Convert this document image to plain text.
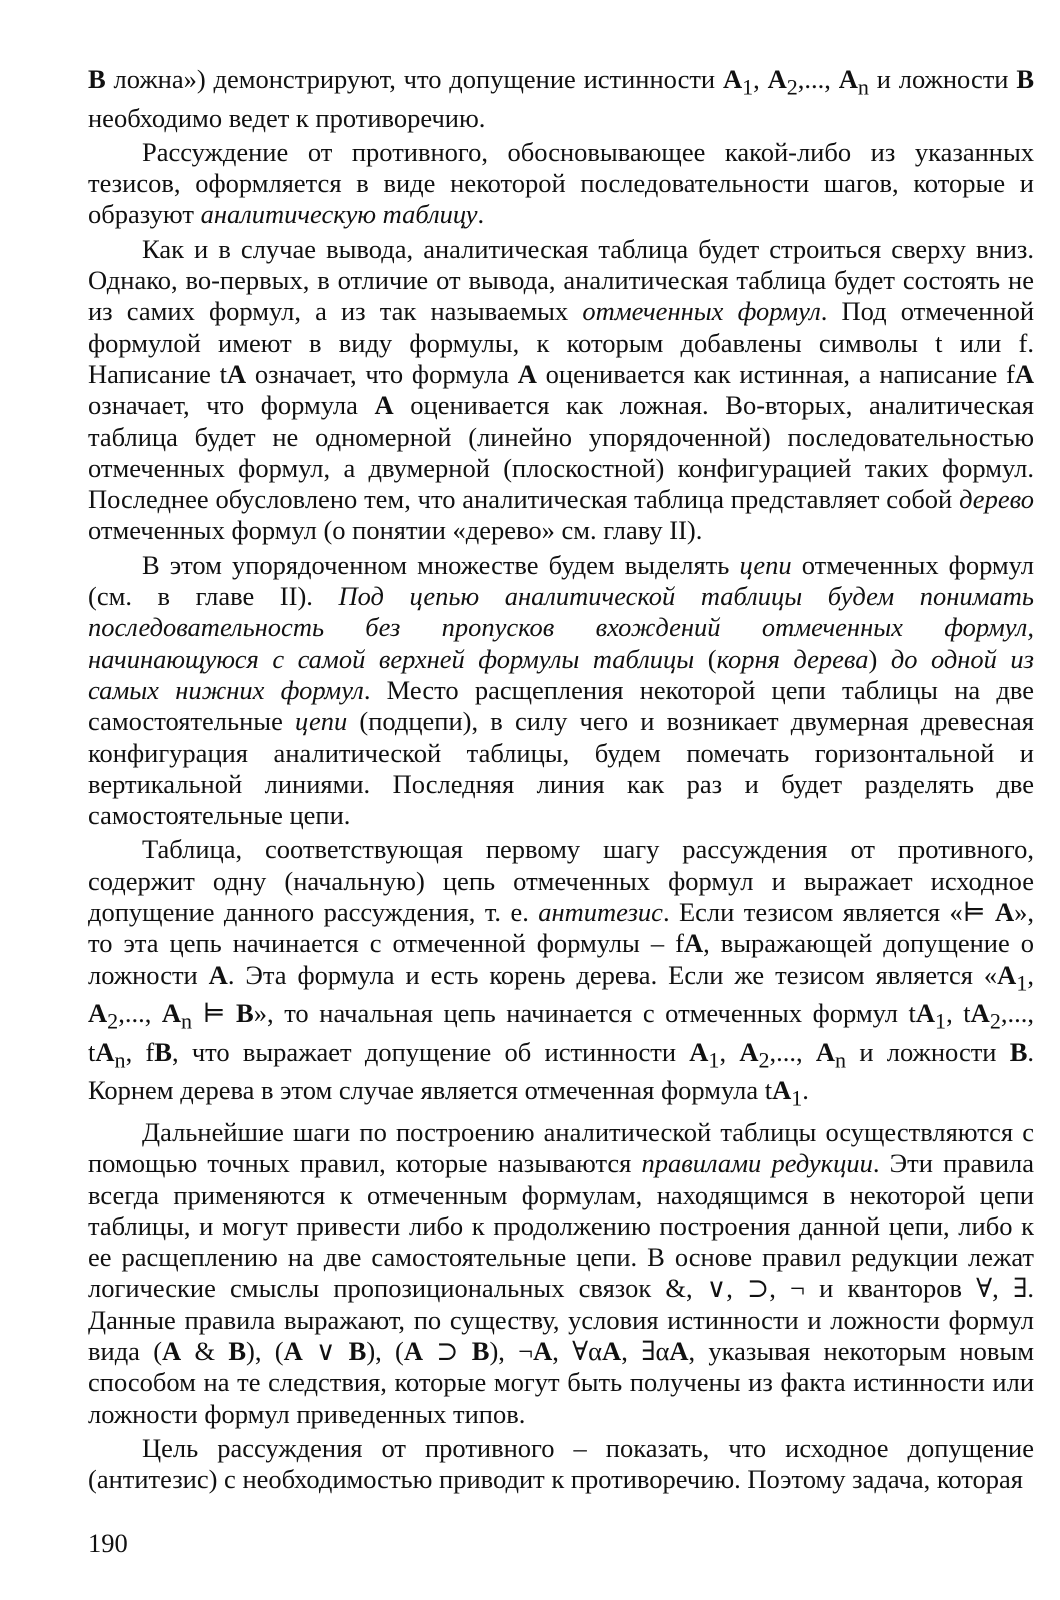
В ложна») демонстрируют, что допущение истинности $A_1$, $A_2$,..., $A_n$ и ложности В необходимо ведет к противоречию.

Рассуждение от противного, обосновывающее какой-либо из указанных тезисов, оформляется в виде некоторой последовательности шагов, которые и образуют аналитическую таблицу.

Как и в случае вывода, аналитическая таблица будет строиться сверху вниз. Однако, во-первых, в отличие от вывода, аналитическая таблица будет состоять не из самих формул, а из так называемых отмеченных формул. Под отмеченной формулой имеют в виду формулы, к которым добавлены символы t или f. Написание tA означает, что формула A оценивается как истинная, а написание fA означает, что формула A оценивается как ложная. Во-вторых, аналитическая таблица будет не одномерной (линейно упорядоченной) последовательностью отмеченных формул, а двумерной (плоскостной) конфигурацией таких формул. Последнее обусловлено тем, что аналитическая таблица представляет собой дерево отмеченных формул (о понятии «дерево» см. главу II).

В этом упорядоченном множестве будем выделять цепи отмеченных формул (см. в главе II). Под цепью аналитической таблицы будем понимать последовательность без пропусков вхождений отмеченных формул, начинающуюся с самой верхней формулы таблицы (корня дерева) до одной из самых нижних формул. Место расщепления некоторой цепи таблицы на две самостоятельные цепи (подцепи), в силу чего и возникает двумерная древесная конфигурация аналитической таблицы, будем помечать горизонтальной и вертикальной линиями. Последняя линия как раз и будет разделять две самостоятельные цепи.

Таблица, соответствующая первому шагу рассуждения от противного, содержит одну (начальную) цепь отмеченных формул и выражает исходное допущение данного рассуждения, т. е. антитезис. Если тезисом является «⊨ A», то эта цепь начинается с отмеченной формулы – fA, выражающей допущение о ложности A. Эта формула и есть корень дерева. Если же тезисом является «$A_1$, $A_2$,..., $A_n$ ⊨ B», то начальная цепь начинается с отмеченных формул $tA_1$, $tA_2$,..., $tA_n$, fB, что выражает допущение об истинности $A_1$, $A_2$,..., $A_n$ и ложности B. Корнем дерева в этом случае является отмеченная формула $tA_1$.

Дальнейшие шаги по построению аналитической таблицы осуществляются с помощью точных правил, которые называются правилами редукции. Эти правила всегда применяются к отмеченным формулам, находящимся в некоторой цепи таблицы, и могут привести либо к продолжению построения данной цепи, либо к ее расщеплению на две самостоятельные цепи. В основе правил редукции лежат логические смыслы пропозициональных связок &, ∨, ⊃, ¬ и кванторов ∀, ∃. Данные правила выражают, по существу, условия истинности и ложности формул вида (A & B), (A ∨ B), (A ⊃ B), ¬A, ∀αA, ∃αA, указывая некоторым новым способом на те следствия, которые могут быть получены из факта истинности или ложности формул приведенных типов.

Цель рассуждения от противного – показать, что исходное допущение (антитезис) с необходимостью приводит к противоречию. Поэтому задача, которая

190
